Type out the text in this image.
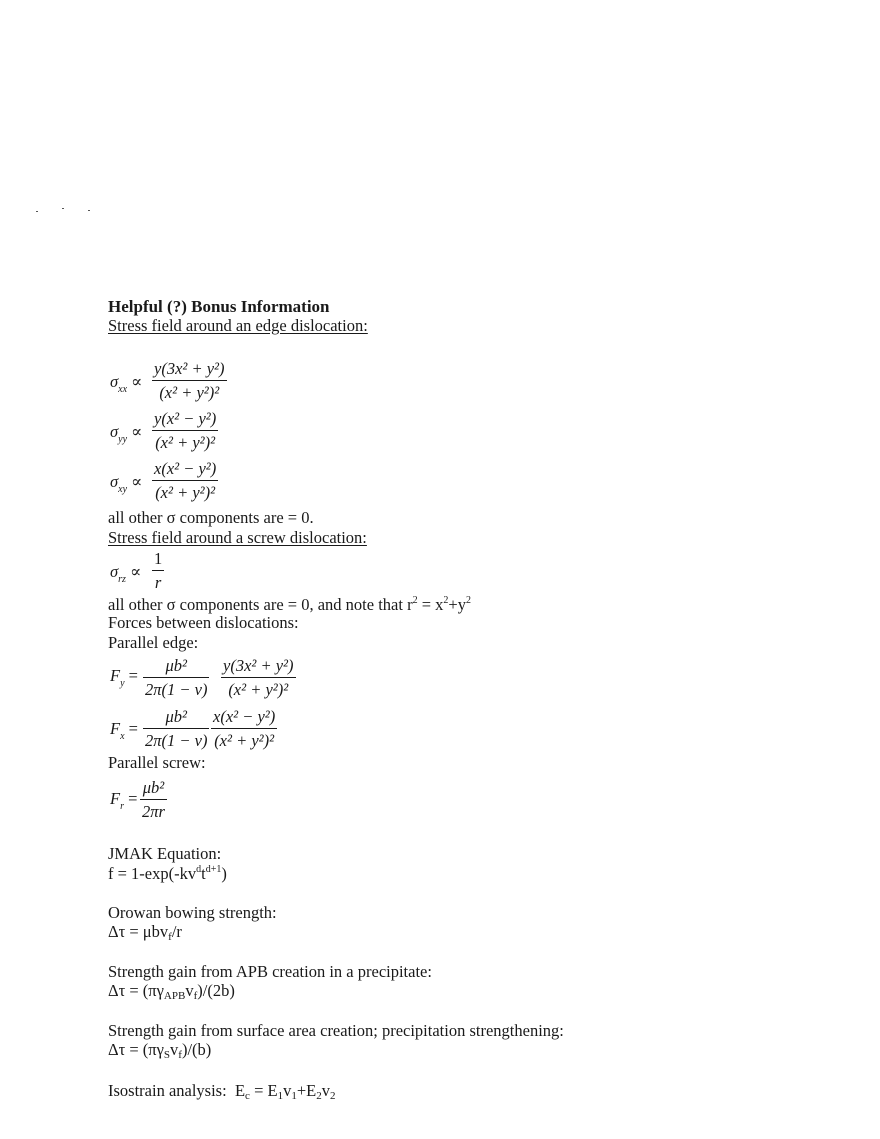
Helpful (?) Bonus Information
Stress field around an edge dislocation:
$\sigma_{xx}$ ∝
y(3x² + y²)
(x² + y²)²
$\sigma_{yy}$ ∝
y(x² − y²)
(x² + y²)²
$\sigma_{xy}$ ∝
x(x² − y²)
(x² + y²)²
all other σ components are = 0.
Stress field around a screw dislocation:
$\sigma_{rz}$ ∝
1
r
all other σ components are = 0, and note that $r^2 = x^2+y^2$
Forces between dislocations:
Parallel edge:
$F_y$ =
μb²
2π(1 − ν)
y(3x² + y²)
(x² + y²)²
$F_x$ =
μb²
2π(1 − ν)
x(x² − y²)
(x² + y²)²
Parallel screw:
$F_r$ =
μb²
2πr
JMAK Equation:
$f = 1-\exp(-kv^dt^{d+1})$
Orowan bowing strength:
Δτ = μbvf/r
Strength gain from APB creation in a precipitate:
Δτ = (πγAPBvf)/(2b)
Strength gain from surface area creation; precipitation strengthening:
Δτ = (πγSvf)/(b)
Isostrain analysis: Ec = E1v1+E2v2
